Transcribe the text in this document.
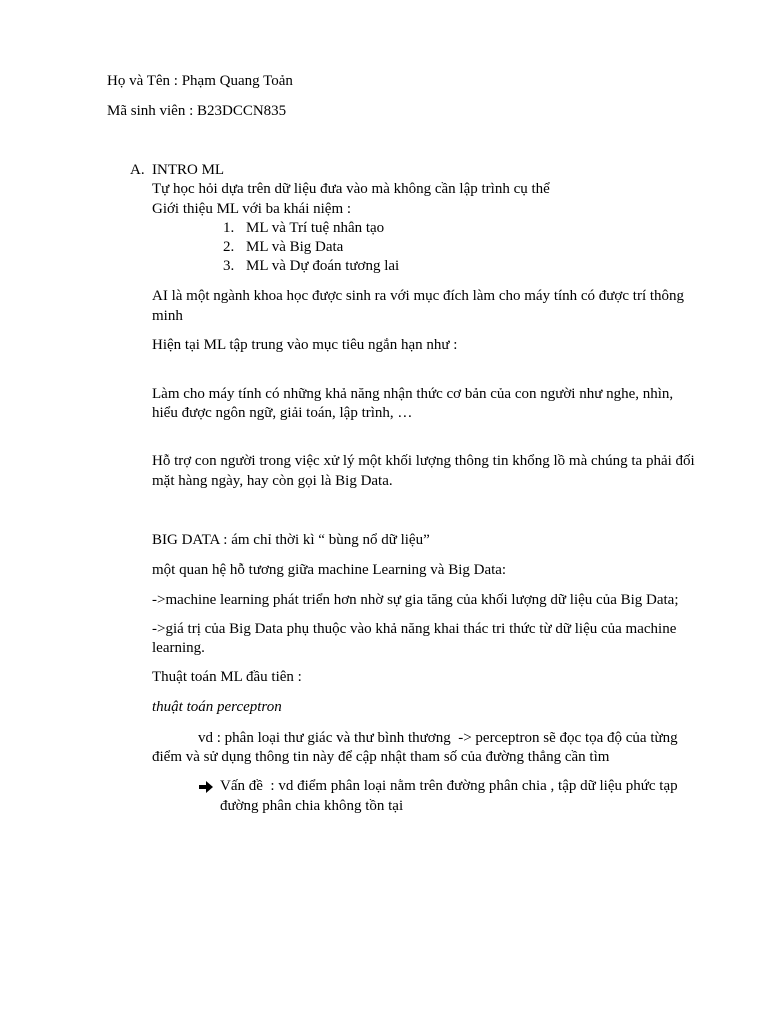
Họ và Tên : Phạm Quang Toản
Mã sinh viên : B23DCCN835
A. INTRO ML
Tự học hỏi dựa trên dữ liệu đưa vào mà không cần lập trình cụ thể
Giới thiệu ML với ba khái niệm :
1. ML và Trí tuệ nhân tạo
2. ML và Big Data
3. ML và Dự đoán tương lai
AI là một ngành khoa học được sinh ra với mục đích làm cho máy tính có được trí thông
minh
Hiện tại ML tập trung vào mục tiêu ngắn hạn như :
Làm cho máy tính có những khả năng nhận thức cơ bản của con người như nghe, nhìn,
hiểu được ngôn ngữ, giải toán, lập trình, …
Hỗ trợ con người trong việc xử lý một khối lượng thông tin khổng lồ mà chúng ta phải đối
mặt hàng ngày, hay còn gọi là Big Data.
BIG DATA : ám chỉ thời kì “ bùng nổ dữ liệu”
một quan hệ hỗ tương giữa machine Learning và Big Data:
->machine learning phát triển hơn nhờ sự gia tăng của khối lượng dữ liệu của Big Data;
->giá trị của Big Data phụ thuộc vào khả năng khai thác tri thức từ dữ liệu của machine
learning.
Thuật toán ML đầu tiên :
thuật toán perceptron
vd : phân loại thư giác và thư bình thương  -> perceptron sẽ đọc tọa độ của từng
điểm và sử dụng thông tin này để cập nhật tham số của đường thẳng cần tìm
Vấn đề  : vd điểm phân loại nằm trên đường phân chia , tập dữ liệu phức tạp
đường phân chia không tồn tại
